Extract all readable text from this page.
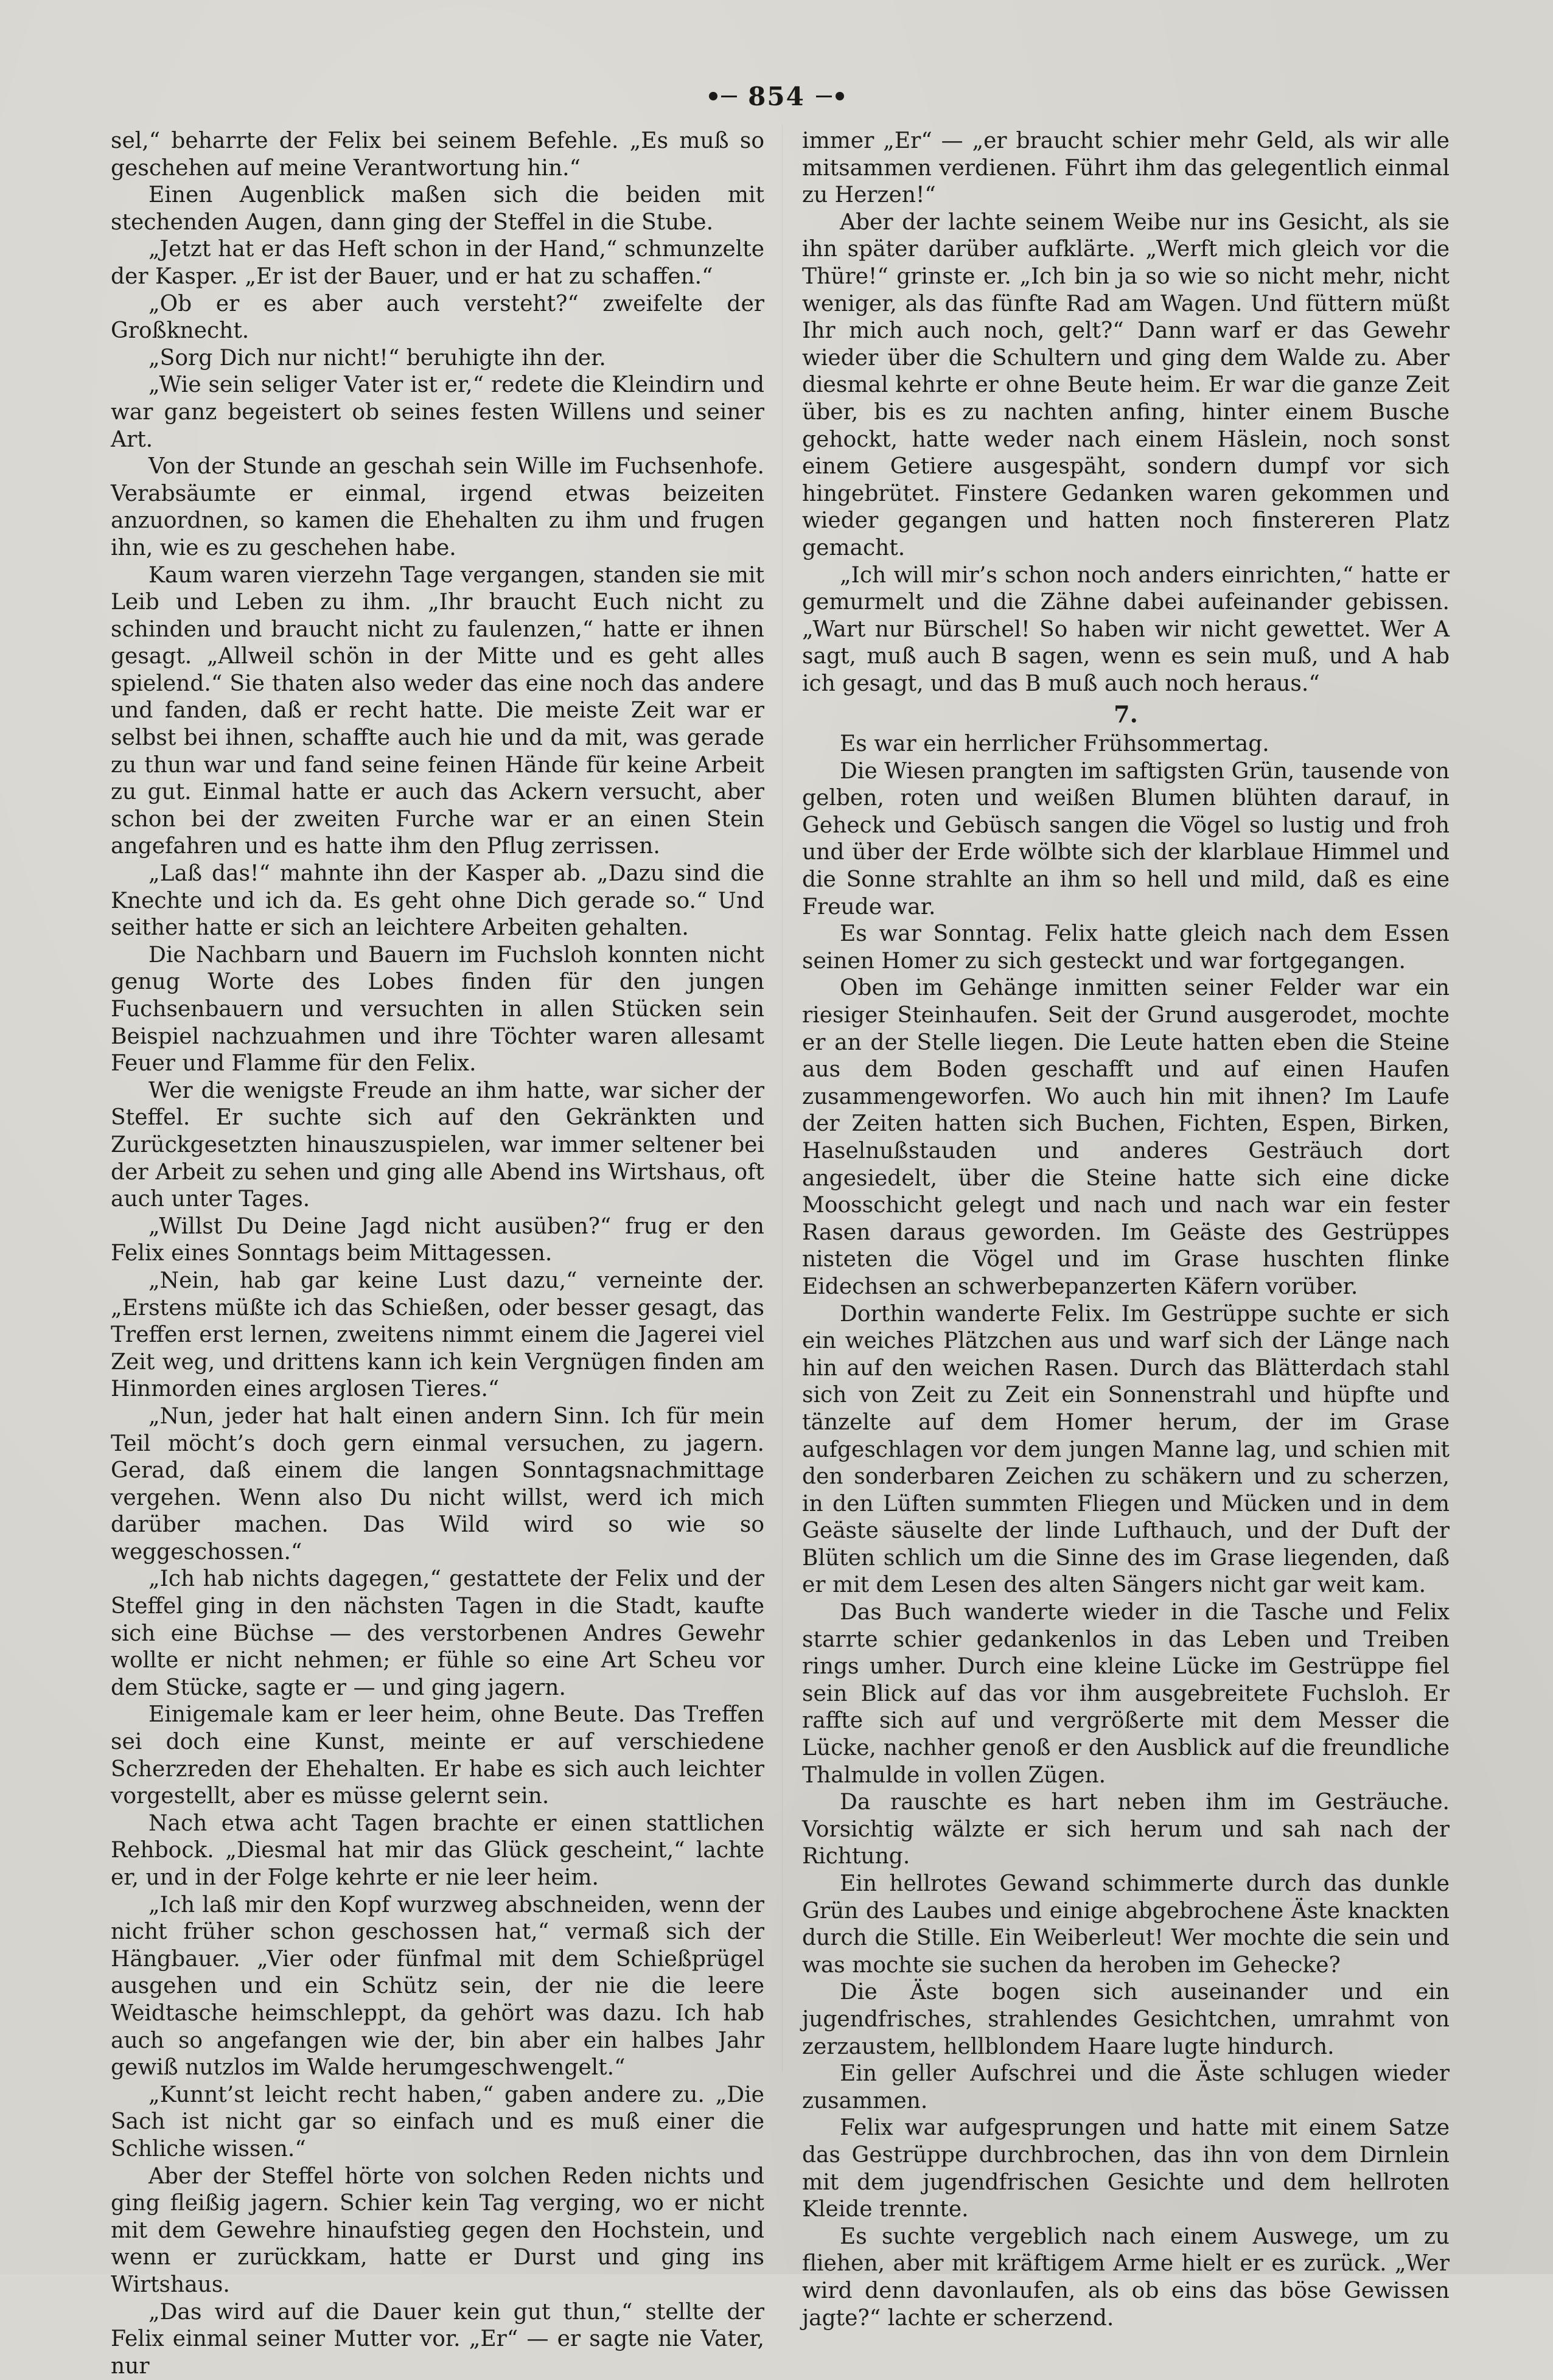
854

sel,“ beharrte der Felix bei seinem Befehle. „Es muß so geschehen auf meine Verantwortung hin.“

Einen Augenblick maßen sich die beiden mit stechenden Augen, dann ging der Steffel in die Stube.

„Jetzt hat er das Heft schon in der Hand,“ schmunzelte der Kasper. „Er ist der Bauer, und er hat zu schaffen.“

„Ob er es aber auch versteht?“ zweifelte der Großknecht.

„Sorg Dich nur nicht!“ beruhigte ihn der.

„Wie sein seliger Vater ist er,“ redete die Kleindirn und war ganz begeistert ob seines festen Willens und seiner Art.

Von der Stunde an geschah sein Wille im Fuchsenhofe. Verabsäumte er einmal, irgend etwas beizeiten anzuordnen, so kamen die Ehehalten zu ihm und frugen ihn, wie es zu geschehen habe.

Kaum waren vierzehn Tage vergangen, standen sie mit Leib und Leben zu ihm. „Ihr braucht Euch nicht zu schinden und braucht nicht zu faulenzen,“ hatte er ihnen gesagt. „Allweil schön in der Mitte und es geht alles spielend.“ Sie thaten also weder das eine noch das andere und fanden, daß er recht hatte. Die meiste Zeit war er selbst bei ihnen, schaffte auch hie und da mit, was gerade zu thun war und fand seine feinen Hände für keine Arbeit zu gut. Einmal hatte er auch das Ackern versucht, aber schon bei der zweiten Furche war er an einen Stein angefahren und es hatte ihm den Pflug zerrissen.

„Laß das!“ mahnte ihn der Kasper ab. „Dazu sind die Knechte und ich da. Es geht ohne Dich gerade so.“ Und seither hatte er sich an leichtere Arbeiten gehalten.

Die Nachbarn und Bauern im Fuchsloh konnten nicht genug Worte des Lobes finden für den jungen Fuchsenbauern und versuchten in allen Stücken sein Beispiel nachzuahmen und ihre Töchter waren allesamt Feuer und Flamme für den Felix.

Wer die wenigste Freude an ihm hatte, war sicher der Steffel. Er suchte sich auf den Gekränkten und Zurückgesetzten hinauszuspielen, war immer seltener bei der Arbeit zu sehen und ging alle Abend ins Wirtshaus, oft auch unter Tages.

„Willst Du Deine Jagd nicht ausüben?“ frug er den Felix eines Sonntags beim Mittagessen.

„Nein, hab gar keine Lust dazu,“ verneinte der. „Erstens müßte ich das Schießen, oder besser gesagt, das Treffen erst lernen, zweitens nimmt einem die Jagerei viel Zeit weg, und drittens kann ich kein Vergnügen finden am Hinmorden eines arglosen Tieres.“

„Nun, jeder hat halt einen andern Sinn. Ich für mein Teil möcht’s doch gern einmal versuchen, zu jagern. Gerad, daß einem die langen Sonntagsnachmittage vergehen. Wenn also Du nicht willst, werd ich mich darüber machen. Das Wild wird so wie so weggeschossen.“

„Ich hab nichts dagegen,“ gestattete der Felix und der Steffel ging in den nächsten Tagen in die Stadt, kaufte sich eine Büchse — des verstorbenen Andres Gewehr wollte er nicht nehmen; er fühle so eine Art Scheu vor dem Stücke, sagte er — und ging jagern.

Einigemale kam er leer heim, ohne Beute. Das Treffen sei doch eine Kunst, meinte er auf verschiedene Scherzreden der Ehehalten. Er habe es sich auch leichter vorgestellt, aber es müsse gelernt sein.

Nach etwa acht Tagen brachte er einen stattlichen Rehbock. „Diesmal hat mir das Glück gescheint,“ lachte er, und in der Folge kehrte er nie leer heim.

„Ich laß mir den Kopf wurzweg abschneiden, wenn der nicht früher schon geschossen hat,“ vermaß sich der Hängbauer. „Vier oder fünfmal mit dem Schießprügel ausgehen und ein Schütz sein, der nie die leere Weidtasche heimschleppt, da gehört was dazu. Ich hab auch so angefangen wie der, bin aber ein halbes Jahr gewiß nutzlos im Walde herumgeschwengelt.“

„Kunnt’st leicht recht haben,“ gaben andere zu. „Die Sach ist nicht gar so einfach und es muß einer die Schliche wissen.“

Aber der Steffel hörte von solchen Reden nichts und ging fleißig jagern. Schier kein Tag verging, wo er nicht mit dem Gewehre hinaufstieg gegen den Hochstein, und wenn er zurückkam, hatte er Durst und ging ins Wirtshaus.

„Das wird auf die Dauer kein gut thun,“ stellte der Felix einmal seiner Mutter vor. „Er“ — er sagte nie Vater, nur

immer „Er“ — „er braucht schier mehr Geld, als wir alle mitsammen verdienen. Führt ihm das gelegentlich einmal zu Herzen!“

Aber der lachte seinem Weibe nur ins Gesicht, als sie ihn später darüber aufklärte. „Werft mich gleich vor die Thüre!“ grinste er. „Ich bin ja so wie so nicht mehr, nicht weniger, als das fünfte Rad am Wagen. Und füttern müßt Ihr mich auch noch, gelt?“ Dann warf er das Gewehr wieder über die Schultern und ging dem Walde zu. Aber diesmal kehrte er ohne Beute heim. Er war die ganze Zeit über, bis es zu nachten anfing, hinter einem Busche gehockt, hatte weder nach einem Häslein, noch sonst einem Getiere ausgespäht, sondern dumpf vor sich hingebrütet. Finstere Gedanken waren gekommen und wieder gegangen und hatten noch finstereren Platz gemacht.

„Ich will mir’s schon noch anders einrichten,“ hatte er gemurmelt und die Zähne dabei aufeinander gebissen. „Wart nur Bürschel! So haben wir nicht gewettet. Wer A sagt, muß auch B sagen, wenn es sein muß, und A hab ich gesagt, und das B muß auch noch heraus.“

7.

Es war ein herrlicher Frühsommertag.

Die Wiesen prangten im saftigsten Grün, tausende von gelben, roten und weißen Blumen blühten darauf, in Geheck und Gebüsch sangen die Vögel so lustig und froh und über der Erde wölbte sich der klarblaue Himmel und die Sonne strahlte an ihm so hell und mild, daß es eine Freude war.

Es war Sonntag. Felix hatte gleich nach dem Essen seinen Homer zu sich gesteckt und war fortgegangen.

Oben im Gehänge inmitten seiner Felder war ein riesiger Steinhaufen. Seit der Grund ausgerodet, mochte er an der Stelle liegen. Die Leute hatten eben die Steine aus dem Boden geschafft und auf einen Haufen zusammengeworfen. Wo auch hin mit ihnen? Im Laufe der Zeiten hatten sich Buchen, Fichten, Espen, Birken, Haselnußstauden und anderes Gesträuch dort angesiedelt, über die Steine hatte sich eine dicke Moosschicht gelegt und nach und nach war ein fester Rasen daraus geworden. Im Geäste des Gestrüppes nisteten die Vögel und im Grase huschten flinke Eidechsen an schwerbepanzerten Käfern vorüber.

Dorthin wanderte Felix. Im Gestrüppe suchte er sich ein weiches Plätzchen aus und warf sich der Länge nach hin auf den weichen Rasen. Durch das Blätterdach stahl sich von Zeit zu Zeit ein Sonnenstrahl und hüpfte und tänzelte auf dem Homer herum, der im Grase aufgeschlagen vor dem jungen Manne lag, und schien mit den sonderbaren Zeichen zu schäkern und zu scherzen, in den Lüften summten Fliegen und Mücken und in dem Geäste säuselte der linde Lufthauch, und der Duft der Blüten schlich um die Sinne des im Grase liegenden, daß er mit dem Lesen des alten Sängers nicht gar weit kam.

Das Buch wanderte wieder in die Tasche und Felix starrte schier gedankenlos in das Leben und Treiben rings umher. Durch eine kleine Lücke im Gestrüppe fiel sein Blick auf das vor ihm ausgebreitete Fuchsloh. Er raffte sich auf und vergrößerte mit dem Messer die Lücke, nachher genoß er den Ausblick auf die freundliche Thalmulde in vollen Zügen.

Da rauschte es hart neben ihm im Gesträuche. Vorsichtig wälzte er sich herum und sah nach der Richtung.

Ein hellrotes Gewand schimmerte durch das dunkle Grün des Laubes und einige abgebrochene Äste knackten durch die Stille. Ein Weiberleut! Wer mochte die sein und was mochte sie suchen da heroben im Gehecke?

Die Äste bogen sich auseinander und ein jugendfrisches, strahlendes Gesichtchen, umrahmt von zerzaustem, hellblondem Haare lugte hindurch.

Ein geller Aufschrei und die Äste schlugen wieder zusammen.

Felix war aufgesprungen und hatte mit einem Satze das Gestrüppe durchbrochen, das ihn von dem Dirnlein mit dem jugendfrischen Gesichte und dem hellroten Kleide trennte.

Es suchte vergeblich nach einem Auswege, um zu fliehen, aber mit kräftigem Arme hielt er es zurück. „Wer wird denn davonlaufen, als ob eins das böse Gewissen jagte?“ lachte er scherzend.
